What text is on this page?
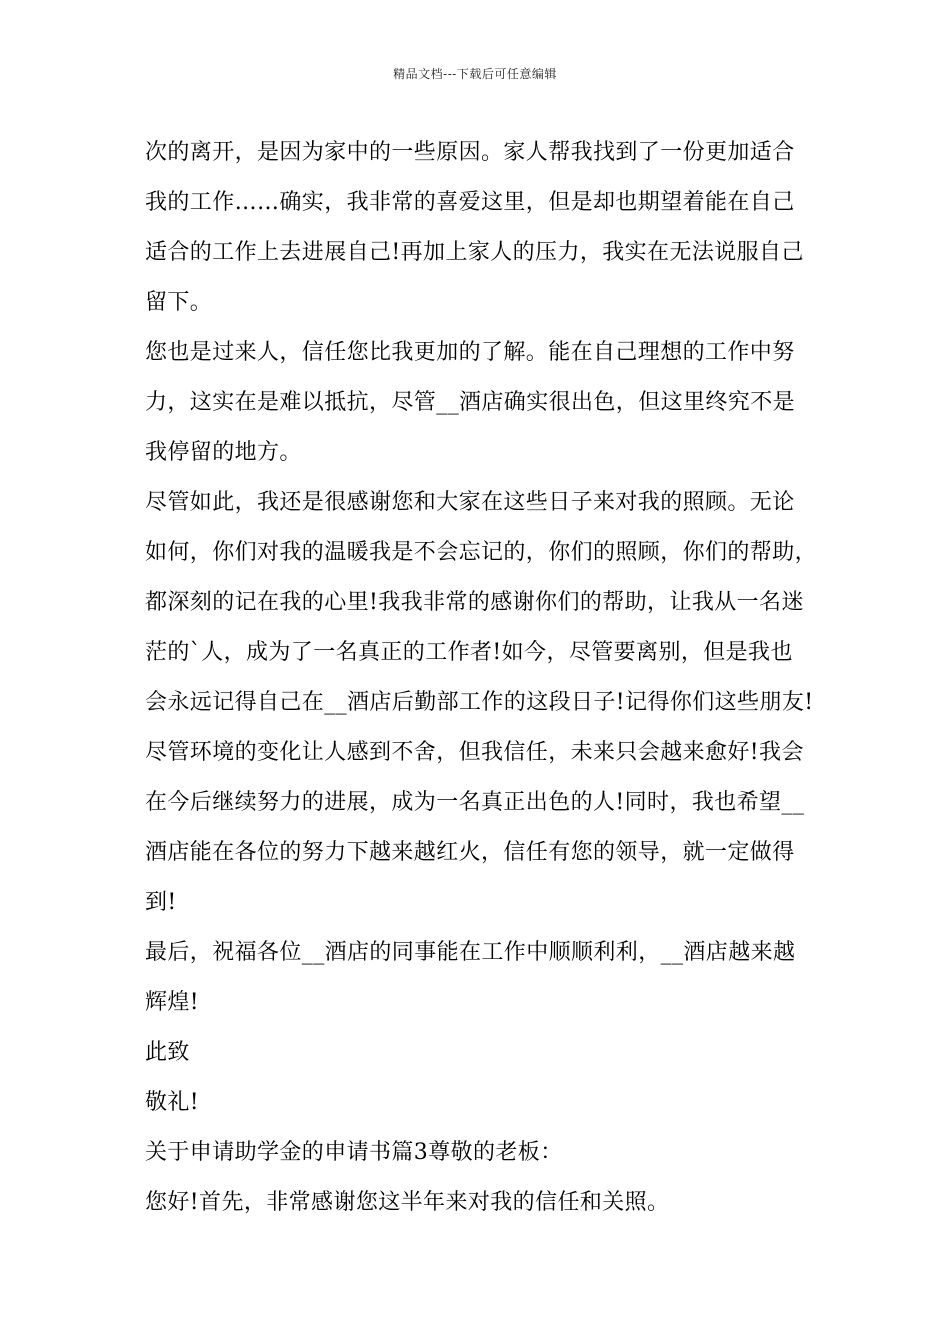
精品文档---下载后可任意编辑
次的离开，是因为家中的一些原因。家人帮我找到了一份更加适合
我的工作……确实，我非常的喜爱这里，但是却也期望着能在自己
适合的工作上去进展自己!再加上家人的压力，我实在无法说服自己
留下。
您也是过来人，信任您比我更加的了解。能在自己理想的工作中努
力，这实在是难以抵抗，尽管__酒店确实很出色，但这里终究不是
我停留的地方。
尽管如此，我还是很感谢您和大家在这些日子来对我的照顾。无论
如何，你们对我的温暖我是不会忘记的，你们的照顾，你们的帮助，
都深刻的记在我的心里!我我非常的感谢你们的帮助，让我从一名迷
茫的`人，成为了一名真正的工作者!如今，尽管要离别，但是我也
会永远记得自己在__酒店后勤部工作的这段日子!记得你们这些朋友!
尽管环境的变化让人感到不舍，但我信任，未来只会越来愈好!我会
在今后继续努力的进展，成为一名真正出色的人!同时，我也希望__
酒店能在各位的努力下越来越红火，信任有您的领导，就一定做得
到!
最后，祝福各位__酒店的同事能在工作中顺顺利利，__酒店越来越
辉煌!
此致
敬礼!
关于申请助学金的申请书篇3尊敬的老板：
您好!首先，非常感谢您这半年来对我的信任和关照。
